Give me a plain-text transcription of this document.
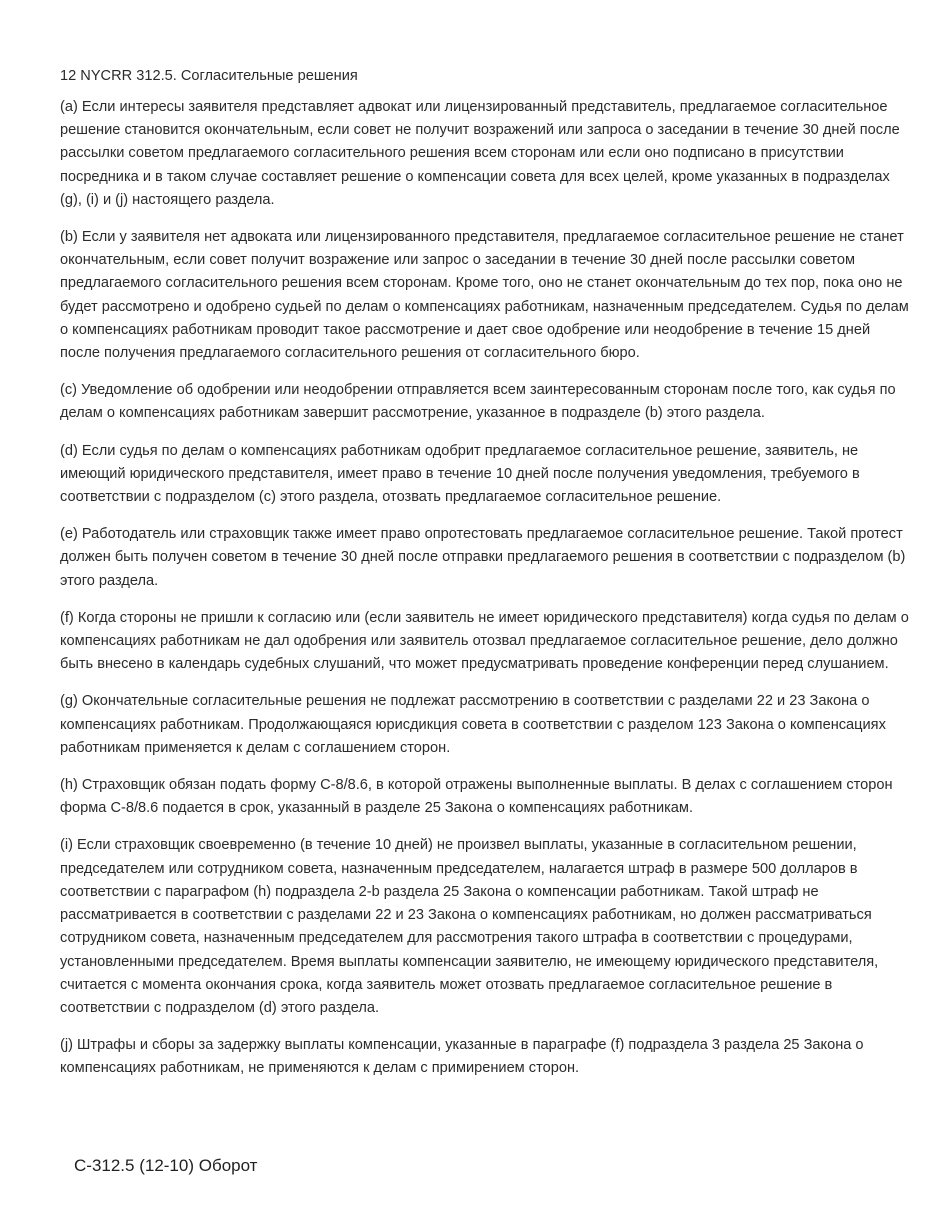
12 NYCRR 312.5. Согласительные решения

(a) Если интересы заявителя представляет адвокат или лицензированный представитель, предлагаемое согласительное решение становится окончательным, если совет не получит возражений или запроса о заседании в течение 30 дней после рассылки советом предлагаемого согласительного решения всем сторонам или если оно подписано в присутствии посредника и в таком случае составляет решение о компенсации совета для всех целей, кроме указанных в подразделах (g), (i) и (j) настоящего раздела.

(b) Если у заявителя нет адвоката или лицензированного представителя, предлагаемое согласительное решение не станет окончательным, если совет получит возражение или запрос о заседании в течение 30 дней после рассылки советом предлагаемого согласительного решения всем сторонам. Кроме того, оно не станет окончательным до тех пор, пока оно не будет рассмотрено и одобрено судьей по делам о компенсациях работникам, назначенным председателем. Судья по делам о компенсациях работникам проводит такое рассмотрение и дает свое одобрение или неодобрение в течение 15 дней после получения предлагаемого согласительного решения от согласительного бюро.

(c) Уведомление об одобрении или неодобрении отправляется всем заинтересованным сторонам после того, как судья по делам о компенсациях работникам завершит рассмотрение, указанное в подразделе (b) этого раздела.

(d) Если судья по делам о компенсациях работникам одобрит предлагаемое согласительное решение, заявитель, не имеющий юридического представителя, имеет право в течение 10 дней после получения уведомления, требуемого в соответствии с подразделом (c) этого раздела, отозвать предлагаемое согласительное решение.

(e) Работодатель или страховщик также имеет право опротестовать предлагаемое согласительное решение. Такой протест должен быть получен советом в течение 30 дней после отправки предлагаемого решения в соответствии с подразделом (b) этого раздела.

(f) Когда стороны не пришли к согласию или (если заявитель не имеет юридического представителя) когда судья по делам о компенсациях работникам не дал одобрения или заявитель отозвал предлагаемое согласительное решение, дело должно быть внесено в календарь судебных слушаний, что может предусматривать проведение конференции перед слушанием.

(g) Окончательные согласительные решения не подлежат рассмотрению в соответствии с разделами 22 и 23 Закона о компенсациях работникам. Продолжающаяся юрисдикция совета в соответствии с разделом 123 Закона о компенсациях работникам применяется к делам с соглашением сторон.

(h) Страховщик обязан подать форму C-8/8.6, в которой отражены выполненные выплаты. В делах с соглашением сторон форма C-8/8.6 подается в срок, указанный в разделе 25 Закона о компенсациях работникам.

(i) Если страховщик своевременно (в течение 10 дней) не произвел выплаты, указанные в согласительном решении, председателем или сотрудником совета, назначенным председателем, налагается штраф в размере 500 долларов в соответствии с параграфом (h) подраздела 2-b раздела 25 Закона о компенсации работникам. Такой штраф не рассматривается в соответствии с разделами 22 и 23 Закона о компенсациях работникам, но должен рассматриваться сотрудником совета, назначенным председателем для рассмотрения такого штрафа в соответствии с процедурами, установленными председателем. Время выплаты компенсации заявителю, не имеющему юридического представителя, считается с момента окончания срока, когда заявитель может отозвать предлагаемое согласительное решение в соответствии с подразделом (d) этого раздела.

(j) Штрафы и сборы за задержку выплаты компенсации, указанные в параграфе (f) подраздела 3 раздела 25 Закона о компенсациях работникам, не применяются к делам с примирением сторон.

C-312.5 (12-10) Оборот
